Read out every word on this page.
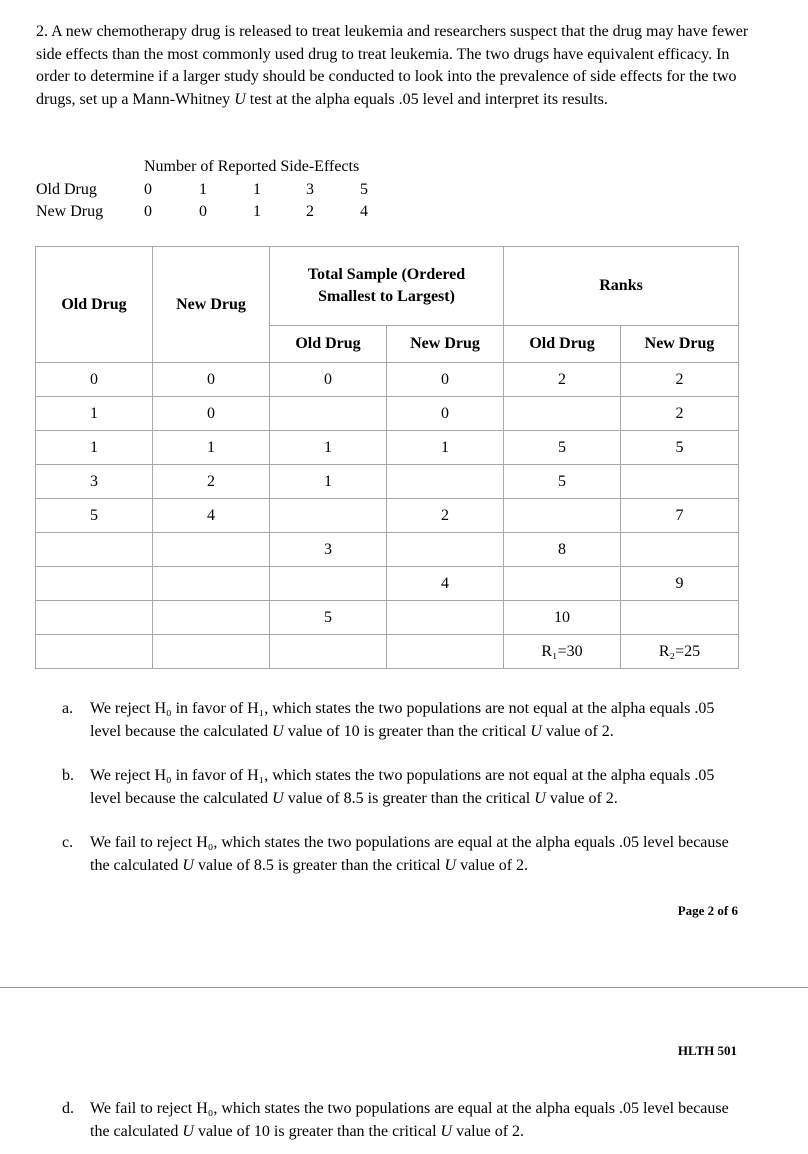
2. A new chemotherapy drug is released to treat leukemia and researchers suspect that the drug may have fewer side effects than the most commonly used drug to treat leukemia. The two drugs have equivalent efficacy. In order to determine if a larger study should be conducted to look into the prevalence of side effects for the two drugs, set up a Mann-Whitney U test at the alpha equals .05 level and interpret its results.
Number of Reported Side-Effects
Old Drug	0	1	1	3	5
New Drug	0	0	1	2	4
Old Drug	New Drug	Total Sample (Ordered Smallest to Largest)		Ranks	
		Old Drug	New Drug	Old Drug	New Drug
0	0	0	0	2	2
1	0		0		2
1	1	1	1	5	5
3	2	1		5	
5	4		2		7
		3		8	
			4		9
		5		10	
				R₁=30	R₂=25
a. We reject H₀ in favor of H₁, which states the two populations are not equal at the alpha equals .05 level because the calculated U value of 10 is greater than the critical U value of 2.
b. We reject H₀ in favor of H₁, which states the two populations are not equal at the alpha equals .05 level because the calculated U value of 8.5 is greater than the critical U value of 2.
c. We fail to reject H₀, which states the two populations are equal at the alpha equals .05 level because the calculated U value of 8.5 is greater than the critical U value of 2.
Page 2 of 6
HLTH 501
d. We fail to reject H₀, which states the two populations are equal at the alpha equals .05 level because the calculated U value of 10 is greater than the critical U value of 2.
